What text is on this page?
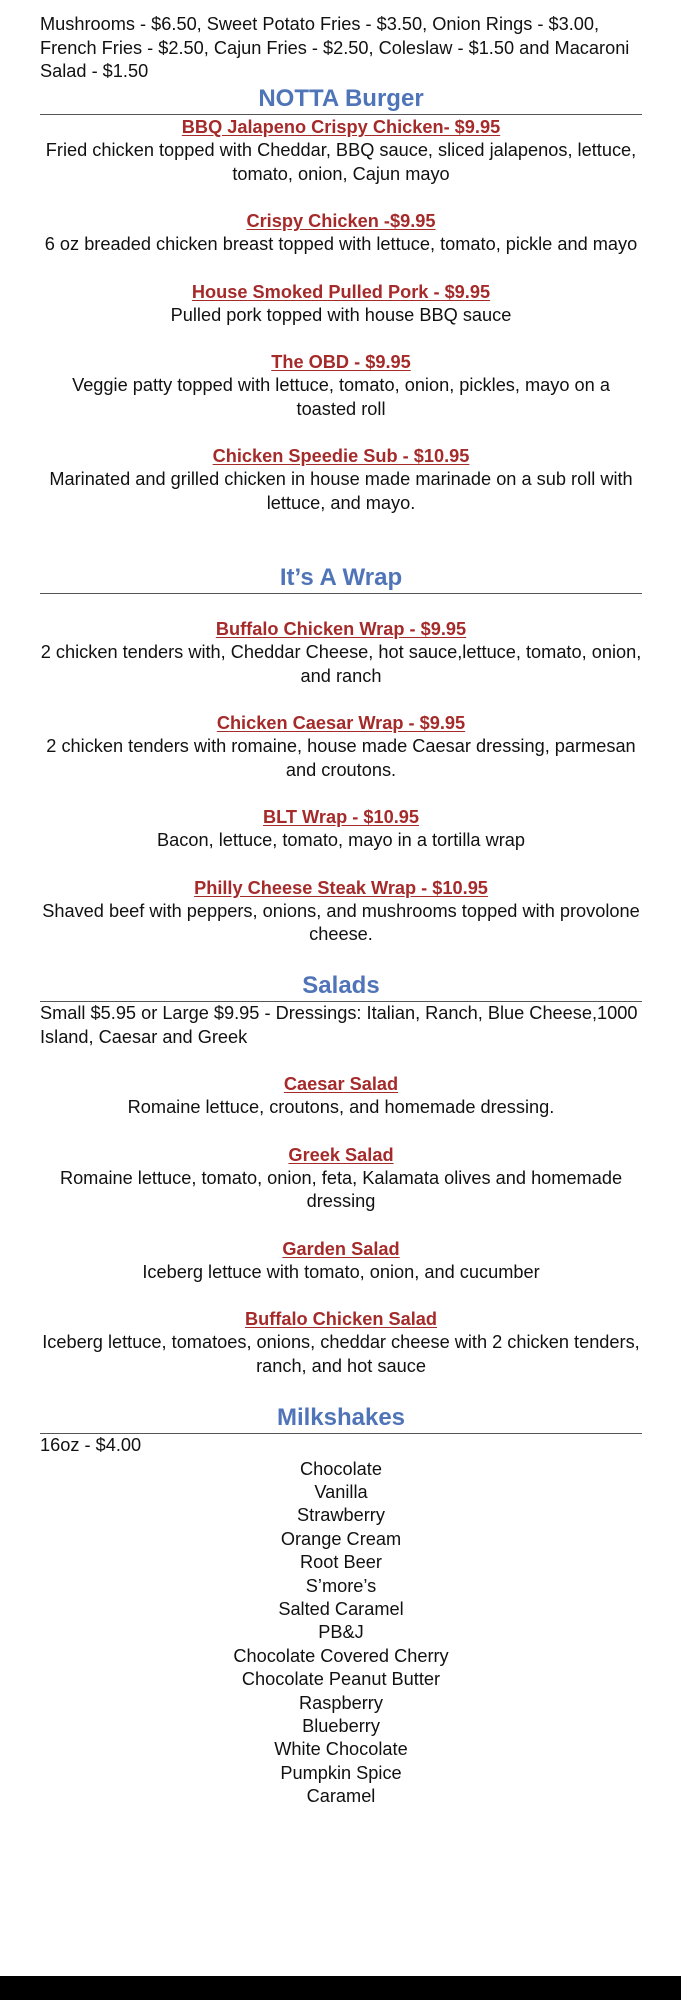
Mushrooms - $6.50, Sweet Potato Fries - $3.50, Onion Rings - $3.00, French Fries - $2.50, Cajun Fries - $2.50, Coleslaw - $1.50 and Macaroni Salad - $1.50
NOTTA Burger
BBQ Jalapeno Crispy Chicken- $9.95
Fried chicken topped with Cheddar, BBQ sauce, sliced jalapenos, lettuce, tomato, onion, Cajun mayo
Crispy Chicken -$9.95
6 oz breaded chicken breast topped with lettuce, tomato, pickle and mayo
House Smoked Pulled Pork - $9.95
Pulled pork topped with house BBQ sauce
The OBD - $9.95
Veggie patty topped with lettuce, tomato, onion, pickles, mayo on a toasted roll
Chicken Speedie Sub - $10.95
Marinated and grilled chicken in house made marinade on a sub roll with lettuce, and mayo.
It’s A Wrap
Buffalo Chicken Wrap - $9.95
2 chicken tenders with, Cheddar Cheese, hot sauce,lettuce, tomato, onion, and ranch
Chicken Caesar Wrap - $9.95
2 chicken tenders with romaine, house made Caesar dressing, parmesan and croutons.
BLT Wrap - $10.95
Bacon, lettuce, tomato, mayo in a tortilla wrap
Philly Cheese Steak Wrap - $10.95
Shaved beef with peppers, onions, and mushrooms topped with provolone cheese.
Salads
Small $5.95 or Large $9.95 - Dressings: Italian, Ranch, Blue Cheese,1000 Island, Caesar and Greek
Caesar Salad
Romaine lettuce, croutons, and homemade dressing.
Greek Salad
Romaine lettuce, tomato, onion, feta, Kalamata olives and homemade dressing
Garden Salad
Iceberg lettuce with tomato, onion, and cucumber
Buffalo Chicken Salad
Iceberg lettuce, tomatoes, onions, cheddar cheese with 2 chicken tenders, ranch, and hot sauce
Milkshakes
16oz - $4.00
Chocolate
Vanilla
Strawberry
Orange Cream
Root Beer
S’more’s
Salted Caramel
PB&J
Chocolate Covered Cherry
Chocolate Peanut Butter
Raspberry
Blueberry
White Chocolate
Pumpkin Spice
Caramel
